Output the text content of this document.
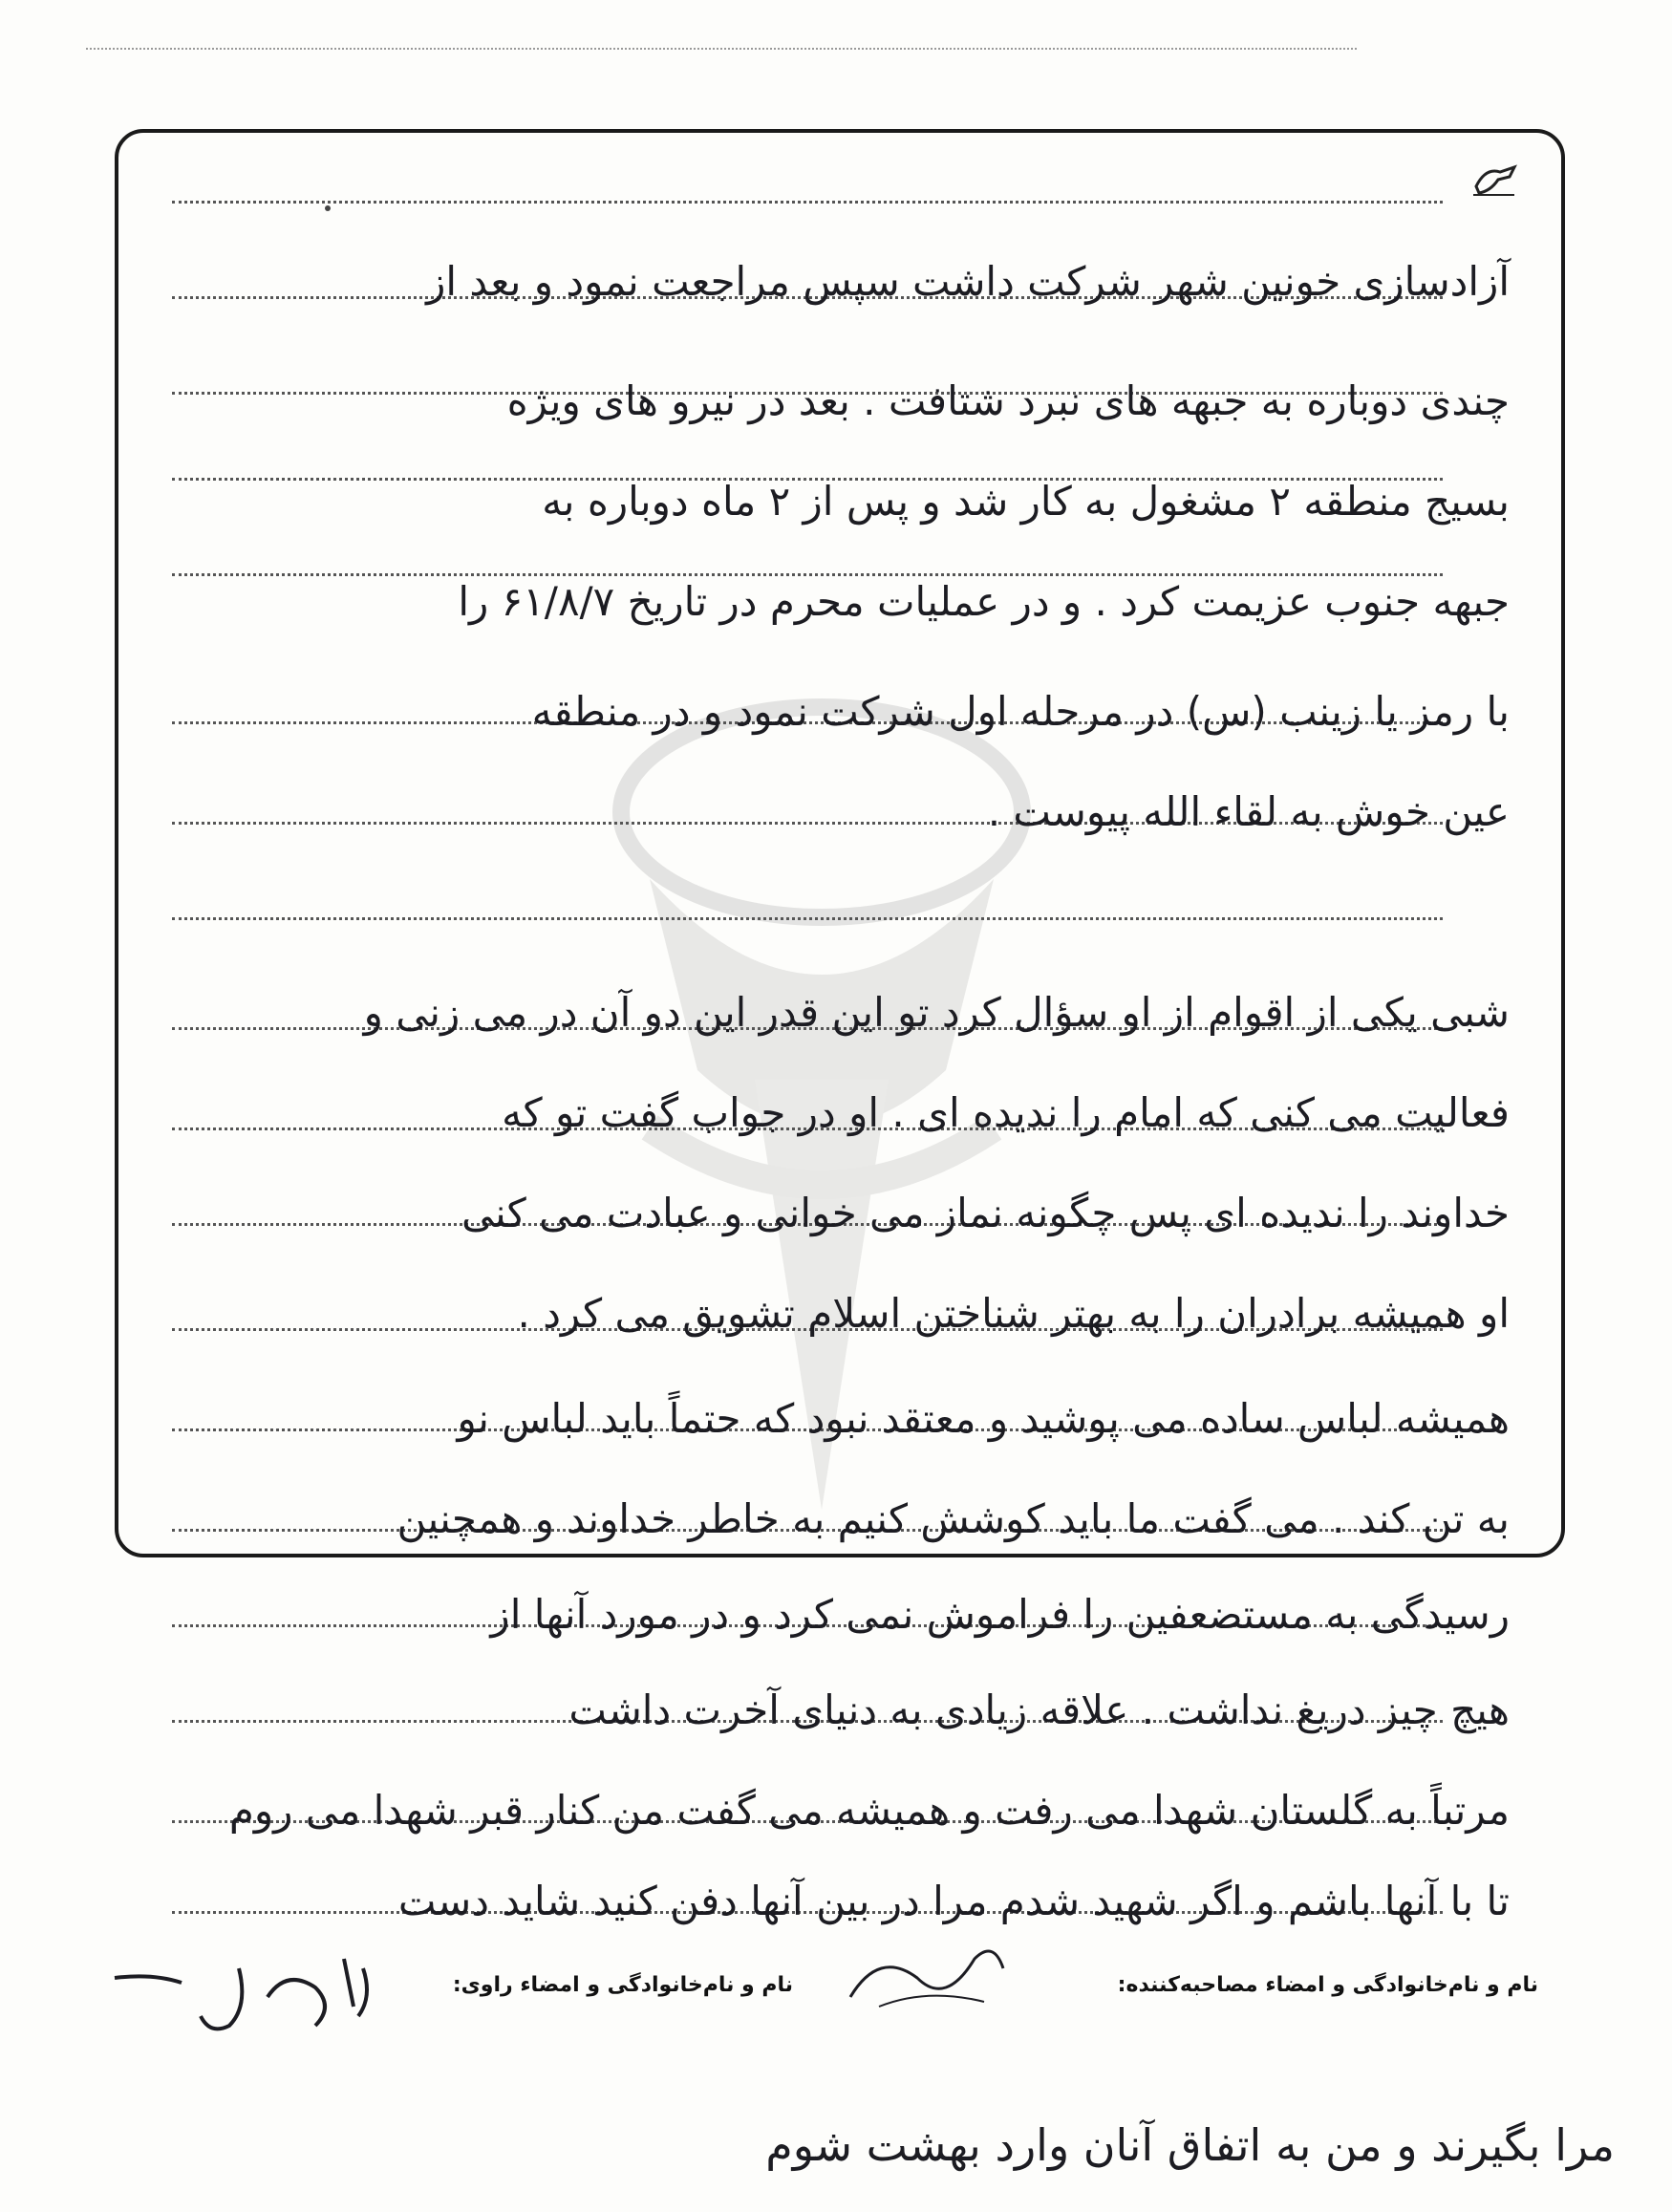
آزادسازی خونین شهر شرکت داشت سپس مراجعت نمود و بعد از
چندی دوباره به جبهه های نبرد شتافت . بعد در نیرو های ویژه
بسیج منطقه ۲ مشغول به کار شد و پس از ۲ ماه دوباره به
جبهه جنوب عزیمت کرد . و در عملیات محرم در تاریخ ۶۱/۸/۷ را
با رمز یا زینب (س) در مرحله اول شرکت نمود و در منطقه
عین خوش به لقاء الله پیوست .
شبی یکی از اقوام از او سؤال کرد تو این قدر این دو آن در می زنی و
فعالیت می کنی که امام را ندیده ای . او در جواب گفت تو که
خداوند را ندیده ای پس چگونه نماز می خوانی و عبادت می کنی
او همیشه برادران را به بهتر شناختن اسلام تشویق می کرد .
همیشه لباس ساده می پوشید و معتقد نبود که حتماً باید لباس نو
به تن کند . می گفت ما باید کوشش کنیم به خاطر خداوند و همچنین
رسیدگی به مستضعفین را فراموش نمی کرد و در مورد آنها از
هیچ چیز دریغ نداشت . علاقه زیادی به دنیای آخرت داشت
مرتباً به گلستان شهدا می رفت و همیشه می گفت من کنار قبر شهدا می روم
تا با آنها باشم و اگر شهید شدم مرا در بین آنها دفن کنید شاید دست
نام و نام‌خانوادگی و امضاء مصاحبه‌کننده:
نام و نام‌خانوادگی و امضاء راوی:
مرا بگیرند و من به اتفاق آنان وارد بهشت شوم
